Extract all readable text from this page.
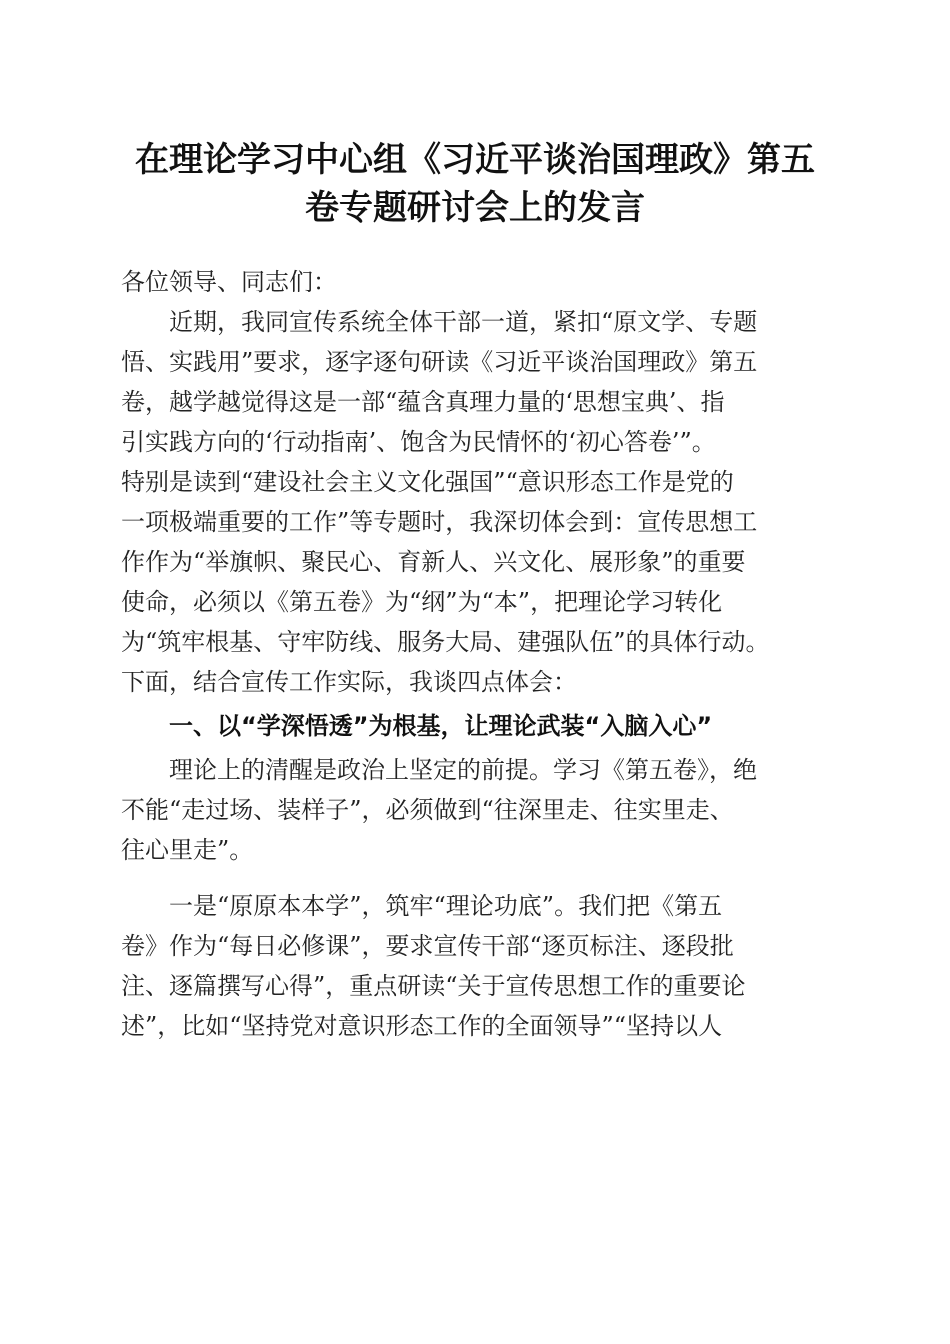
在理论学习中心组《习近平谈治国理政》第五
卷专题研讨会上的发言

各位领导、同志们：

近期，我同宣传系统全体干部一道，紧扣“原文学、专题
悟、实践用”要求，逐字逐句研读《习近平谈治国理政》第五
卷，越学越觉得这是一部“蕴含真理力量的‘思想宝典’、指
引实践方向的‘行动指南’、饱含为民情怀的‘初心答卷’”。
特别是读到“建设社会主义文化强国”“意识形态工作是党的
一项极端重要的工作”等专题时，我深切体会到：宣传思想工
作作为“举旗帜、聚民心、育新人、兴文化、展形象”的重要
使命，必须以《第五卷》为“纲”为“本”，把理论学习转化
为“筑牢根基、守牢防线、服务大局、建强队伍”的具体行动。
下面，结合宣传工作实际，我谈四点体会：

一、以“学深悟透”为根基，让理论武装“入脑入心”

理论上的清醒是政治上坚定的前提。学习《第五卷》，绝
不能“走过场、装样子”，必须做到“往深里走、往实里走、
往心里走”。

一是“原原本本学”，筑牢“理论功底”。我们把《第五
卷》作为“每日必修课”，要求宣传干部“逐页标注、逐段批
注、逐篇撰写心得”，重点研读“关于宣传思想工作的重要论
述”，比如“坚持党对意识形态工作的全面领导”“坚持以人
